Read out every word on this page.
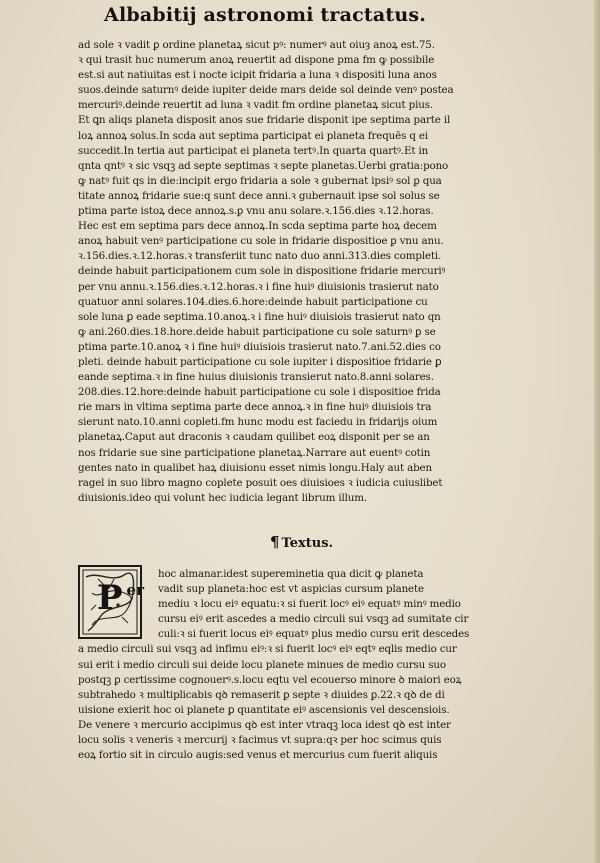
Albabitij astronomi tractatus.
ad sole ꝛ vadit ꝑ ordine planetaꝝ sicut pꝰ: numerꝰ aut oiuȝ anoꝝ est.75.
ꝛ qui trasit huc numerum anoꝝ reuertit ad dispone pma fm ꝙ possibile
est.si aut natiuitas est i nocte icipit fridaria a luna ꝛ dispositi luna anos
suos.deinde saturnꝰ deide iupiter deide mars deide sol deinde venꝰ postea
mercuriꝰ.deinde reuertit ad luna ꝛ vadit fm ordine planetaꝝ sicut pius.
Et ꝗn aliqs planeta disposit anos sue fridarie disponit ipe septima parte il
loꝝ annoꝝ solus.In scda aut septima participat ei planeta frequēs q ei
succedit.In tertia aut participat ei planeta tertꝰ.In quarta quartꝰ.Et in
qnta qntꝰ ꝛ sic vsqꝫ ad septe septimas ꝛ septe planetas.Uerbi gratia:pono
ꝙ natꝰ fuit qs in die:incipit ergo fridaria a sole ꝛ gubernat ipsiꝰ sol ꝑ qua
titate annoꝝ fridarie sue:q sunt dece anni.ꝛ gubernauit ipse sol solus se
ptima parte istoꝝ dece annoꝝ.s.ꝑ vnu anu solare.ꝛ.156.dies ꝛ.12.horas.
Hec est em septima pars dece annoꝝ.In scda septima parte hoꝝ decem
anoꝝ habuit venꝰ participatione cu sole in fridarie dispositioe ꝑ vnu anu.
ꝛ.156.dies.ꝛ.12.horas.ꝛ transferiit tunc nato duo anni.313.dies completi.
deinde habuit participationem cum sole in dispositione fridarie mercuriꝰ
per vnu annu.ꝛ.156.dies.ꝛ.12.horas.ꝛ i fine huiꝰ diuisionis trasierut nato
quatuor anni solares.104.dies.6.hore:deinde habuit participatione cu
sole luna ꝑ eade septima.10.anoꝝ.ꝛ i fine huiꝰ diuisiois trasierut nato qn
ꝙ ani.260.dies.18.hore.deide habuit participatione cu sole saturnꝰ ꝑ se
ptima parte.10.anoꝝ ꝛ i fine huiꝰ diuisiois trasierut nato.7.ani.52.dies co
pleti. deinde habuit participatione cu sole iupiter i dispositioe fridarie ꝑ
eande septima.ꝛ in fine huius diuisionis transierut nato.8.anni solares.
208.dies.12.hore:deinde habuit participatione cu sole i dispositioe frida
rie mars in vltima septima parte dece annoꝝ.ꝛ in fine huiꝰ diuisiois tra
sierunt nato.10.anni copleti.fm hunc modu est faciedu in fridarijs oium
planetaꝝ.Caput aut draconis ꝛ caudam quilibet eoꝝ disponit per se an
nos fridarie sue sine participatione planetaꝝ.Narrare aut euentꝰ cotin
gentes nato in qualibet haꝝ diuisionu esset nimis longu.Haly aut aben
ragel in suo libro magno coplete posuit oes diuisioes ꝛ iudicia cuiuslibet
diuisionis.ideo qui volunt hec iudicia legant librum illum.
¶ Textus.
P er
hoc almanar.idest supereminetia qua dicit ꝙ planeta
vadit sup planeta:hoc est vt aspicias cursum planete
mediu ꝛ locu eiꝰ equatu:ꝛ si fuerit locꝰ eiꝰ equatꝰ minꝰ medio
cursu eiꝰ erit ascedes a medio circuli sui vsqꝫ ad sumitate cir
culi:ꝛ si fuerit locus eiꝰ equatꝰ plus medio cursu erit descedes
a medio circuli sui vsqꝫ ad infimu eiꝰ:ꝛ si fuerit locꝰ eiꝰ eqtꝰ eqlis medio cur
sui erit i medio circuli sui deide locu planete minues de medio cursu suo
postqꝫ ꝑ certissime cognouerꝰ.s.locu eqtu vel ecouerso minore ꝺ maiori eoꝝ
subtrahedo ꝛ multiplicabis qꝺ remaserit ꝑ septe ꝛ diuides ꝑ.22.ꝛ qꝺ de di
uisione exierit hoc oi planete ꝑ quantitate eiꝰ ascensionis vel descensiois.
De venere ꝛ mercurio accipimus qꝺ est inter vtraqꝫ loca idest qꝺ est inter
locu solis ꝛ veneris ꝛ mercurij ꝛ facimus vt supra:qꝛ per hoc scimus quis
eoꝝ fortio sit in circulo augis:sed venus et mercurius cum fuerit aliquis
